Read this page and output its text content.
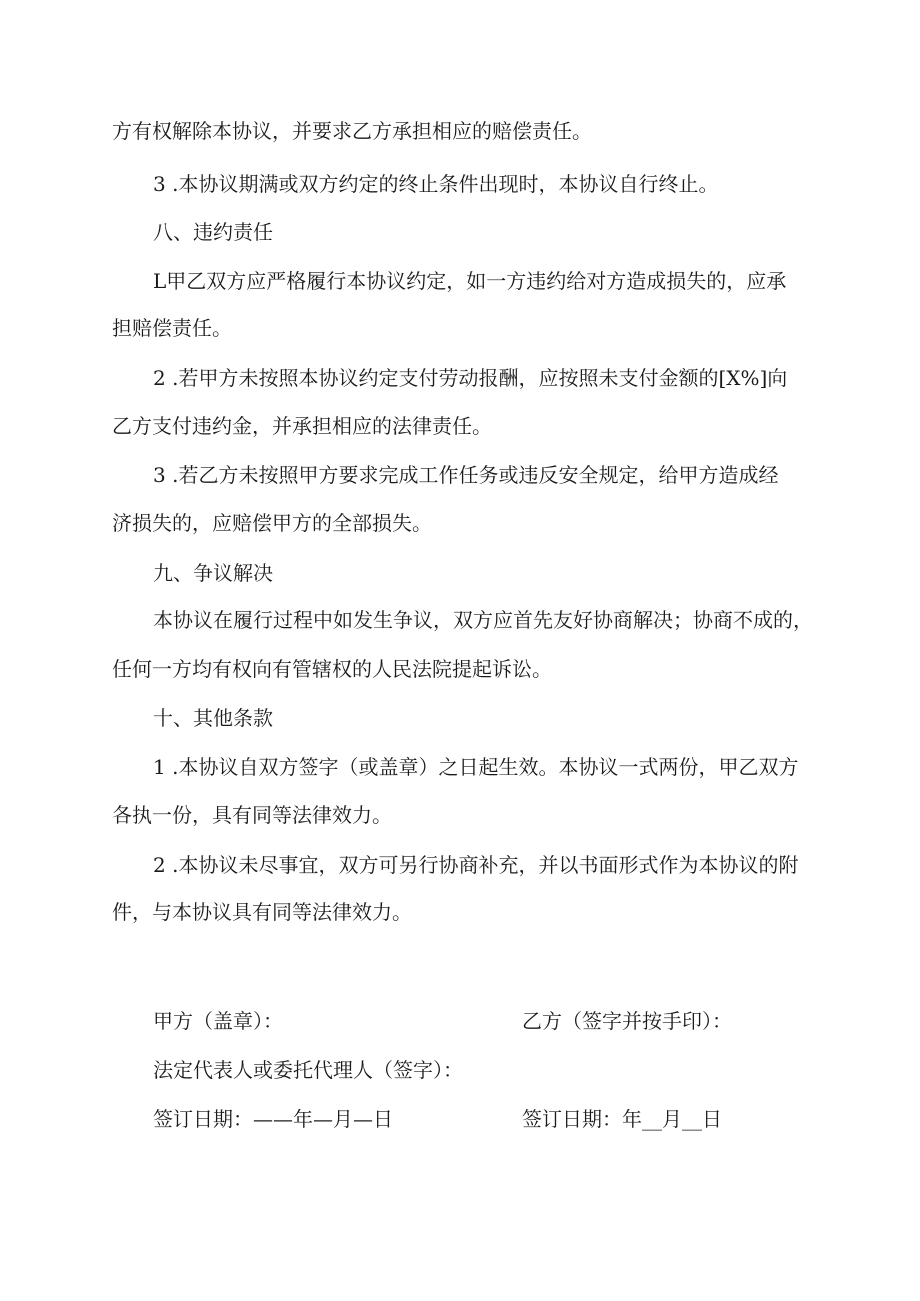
方有权解除本协议，并要求乙方承担相应的赔偿责任。
3 .本协议期满或双方约定的终止条件出现时，本协议自行终止。
八、违约责任
L甲乙双方应严格履行本协议约定，如一方违约给对方造成损失的，应承
担赔偿责任。
2 .若甲方未按照本协议约定支付劳动报酬，应按照未支付金额的[X%]向
乙方支付违约金，并承担相应的法律责任。
3 .若乙方未按照甲方要求完成工作任务或违反安全规定，给甲方造成经
济损失的，应赔偿甲方的全部损失。
九、争议解决
本协议在履行过程中如发生争议，双方应首先友好协商解决；协商不成的，
任何一方均有权向有管辖权的人民法院提起诉讼。
十、其他条款
1 .本协议自双方签字（或盖章）之日起生效。本协议一式两份，甲乙双方
各执一份，具有同等法律效力。
2 .本协议未尽事宜，双方可另行协商补充，并以书面形式作为本协议的附
件，与本协议具有同等法律效力。
甲方（盖章）：	乙方（签字并按手印）：
法定代表人或委托代理人（签字）：
签订日期：——年—月—日	签订日期：年__月__日
